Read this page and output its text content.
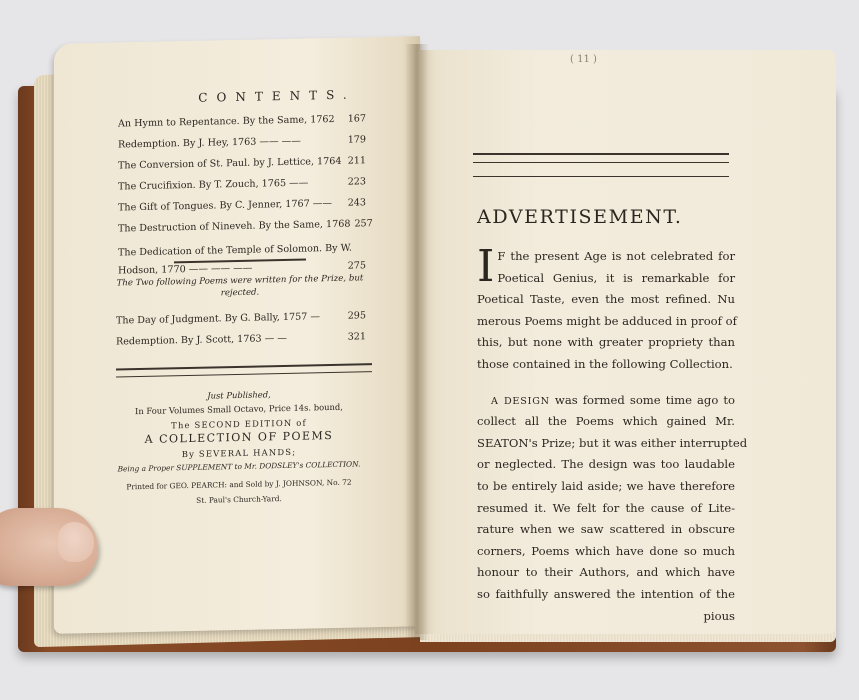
CONTENTS.
An Hymn to Repentance. By the Same, 1762 167
Redemption. By J. Hey, 1763 —— ——	179
The Conversion of St. Paul. by J. Lettice, 1764 211
The Crucifixion. By T. Zouch, 1765 ——	223
The Gift of Tongues. By C. Jenner, 1767 —— 243
The Destruction of Nineveh. By the Same, 1768 257
The Dedication of the Temple of Solomon. By W.
Hodson, 1770 —— —— ——	275
The Two following Poems were written for the Prize, but rejected.
The Day of Judgment. By G. Bally, 1757 —	295
Redemption. By J. Scott, 1763 — —	321
Just Published,
In Four Volumes Small Octavo, Price 14s. bound,
The SECOND EDITION of
A COLLECTION OF POEMS
By SEVERAL HANDS;
Being a Proper SUPPLEMENT to Mr. DODSLEY's COLLECTION.
Printed for GEO. PEARCH: and Sold by J. JOHNSON, No. 72
St. Paul's Church-Yard.
( 11 )
ADVERTISEMENT.
I F the present Age is not celebrated for
Poetical Genius, it is remarkable for
Poetical Taste, even the most refined. Nu
merous Poems might be adduced in proof of
this, but none with greater propriety than
those contained in the following Collection.
A DESIGN was formed some time ago to
collect all the Poems which gained Mr.
SEATON's Prize; but it was either interrupted
or neglected. The design was too laudable
to be entirely laid aside; we have therefore
resumed it. We felt for the cause of Lite-
rature when we saw scattered in obscure
corners, Poems which have done so much
honour to their Authors, and which have
so faithfully answered the intention of the
pious
